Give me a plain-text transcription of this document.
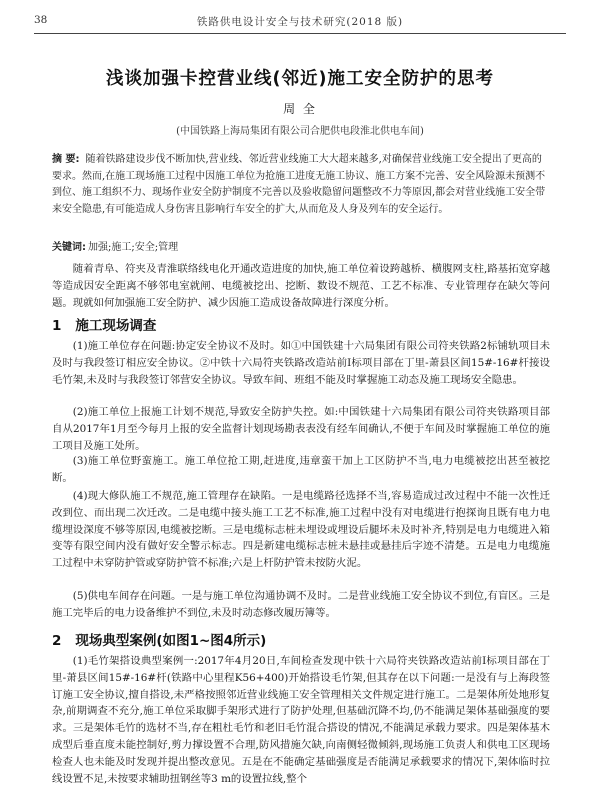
38	铁路供电设计安全与技术研究(2018 版)
浅谈加强卡控营业线(邻近)施工安全防护的思考
周 全
(中国铁路上海局集团有限公司合肥供电段淮北供电车间)
摘 要: 随着铁路建设步伐不断加快,营业线、邻近营业线施工大大超来越多,对确保营业线施工安全提出了更高的要求。然而,在施工现场施工过程中因施工单位为抢施工进度无施工协议、施工方案不完善、安全风险源未预测不到位、施工组织不力、现场作业安全防护制度不完善以及验收隐留问题整改不力等原因,都会对营业线施工安全带来安全隐患,有可能造成人身伤害且影响行车安全的扩大,从而危及人身及列车的安全运行。
关键词: 加强;施工;安全;管理
随着青阜、符夹及青淮联络线电化开通改造进度的加快,施工单位着设跨越桥、横腹网支柱,路基拓宽穿越等造成因安全距离不够邻电室就闸、电缆被挖出、挖断、数设不规范、工艺不标准、专业管理存在缺欠等问题。现就如何加强施工安全防护、减少因施工造成设备故障进行深度分析。
1 施工现场调查
(1)施工单位存在问题:协定安全协议不及时。如①中国铁建十六局集团有限公司符夹铁路2标铺轨项目未及时与我段签订相应安全协议。②中铁十六局符夹铁路改造站前Ⅰ标项目部在丁里-萧县区间15#-16#杆接设毛竹架,未及时与我段签订邻营安全协议。导致车间、班组不能及时掌握施工动态及施工现场安全隐患。
(2)施工单位上报施工计划不规范,导致安全防护失控。如:中国铁建十六局集团有限公司符夹铁路项目部自从2017年1月至今每月上报的安全监督计划现场勘表表没有经车间确认,不便于车间及时掌握施工单位的施工项目及施工处所。
(3)施工单位野蛮施工。施工单位抢工期,赶进度,违章蛮干加上工区防护不当,电力电缆被挖出甚至被挖断。
(4)现大修队施工不规范,施工管理存在缺陷。一是电缆路径选择不当,容易造成过改过程中不能一次性迁改到位、而出现二次迁改。二是电缆中接头施工工艺不标准,施工过程中没有对电缆进行抱探询且既有电力电缆埋设深度不够等原因,电缆被挖断。三是电缆标志桩未埋设或埋设后腿坏未及时补齐,特别是电力电缆进入箱变等有限空间内没有做好安全警示标志。四是新建电缆标志桩未悬挂或悬挂后字迹不清楚。五是电力电缆施工过程中未穿防护管或穿防护管不标准;六是上杆防护管未按防火泥。
(5)供电车间存在问题。一是与施工单位沟通协调不及时。二是营业线施工安全协议不到位,有盲区。三是施工完毕后的电力设备维护不到位,未及时动态修改履历簿等。
2 现场典型案例(如图1~图4所示)
(1)毛竹架搭设典型案例一:2017年4月20日,车间检查发现中铁十六局符夹铁路改造站前Ⅰ标项目部在丁里-萧县区间15#-16#杆(铁路中心里程K56+400)开始搭设毛竹架,但其存在以下问题:一是没有与上海段签订施工安全协议,擅自搭设,未严格按照邻近营业线施工安全管理相关文件规定进行施工。二是架体所处地形复杂,前期调查不充分,施工单位采取脚手架形式进行了防护处理,但基础沉降不均,仍不能满足架体基础强度的要求。三是架体毛竹的选材不当,存在粗杜毛竹和老旧毛竹混合搭设的情况,不能满足承载力要求。四是架体基木成型后垂直度未能控制好,剪力撑设置不合理,防风措施欠缺,向南侧轻微倾斜,现场施工负责人和供电工区现场检查人也未能及时发现并提出整改意见。五是在不能确定基础强度是否能满足承载要求的情况下,架体临时拉线设置不足,未按要求辅助扭钢丝等3 m的设置拉线,整个
